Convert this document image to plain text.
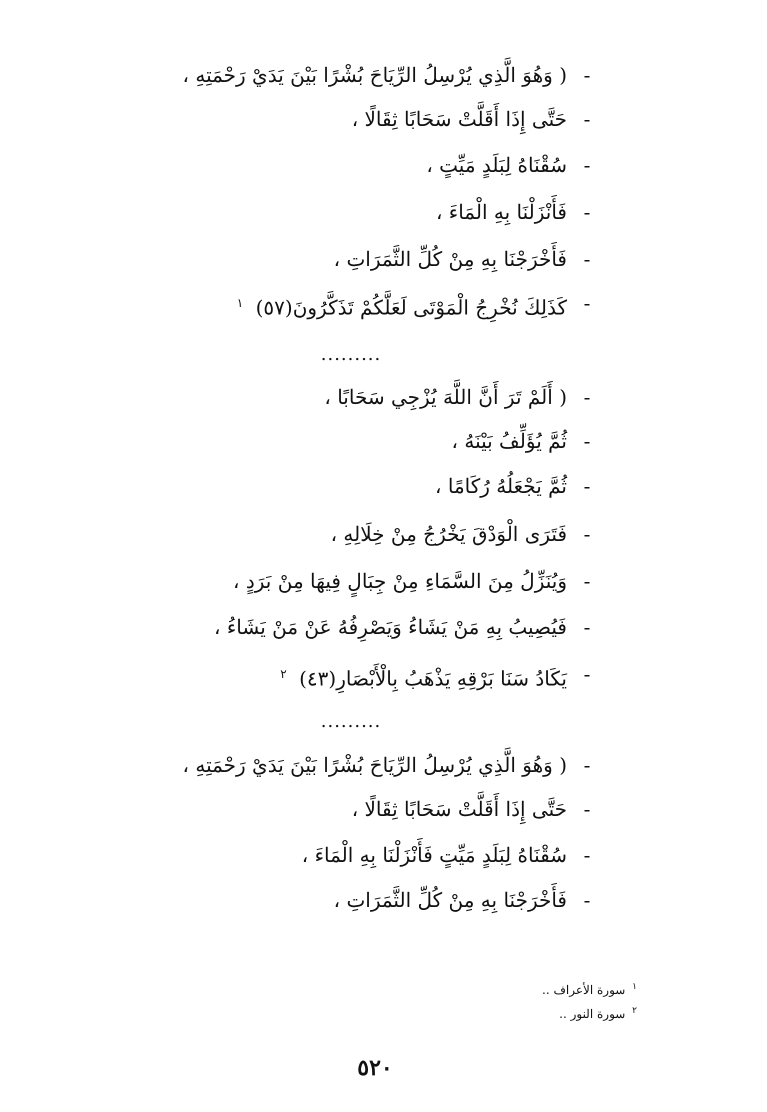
-
( وَهُوَ الَّذِي يُرْسِلُ الرِّيَاحَ بُشْرًا بَيْنَ يَدَيْ رَحْمَتِهِ ،
-
حَتَّى إِذَا أَقَلَّتْ سَحَابًا ثِقَالًا ،
-
سُقْنَاهُ لِبَلَدٍ مَيِّتٍ ،
-
فَأَنْزَلْنَا بِهِ الْمَاءَ ،
-
فَأَخْرَجْنَا بِهِ مِنْ كُلِّ الثَّمَرَاتِ ،
-
كَذَلِكَ نُخْرِجُ الْمَوْتَى لَعَلَّكُمْ تَذَكَّرُونَ(٥٧) $^١$
.........
-
( أَلَمْ تَرَ أَنَّ اللَّهَ يُزْجِي سَحَابًا ،
-
ثُمَّ يُؤَلِّفُ بَيْنَهُ ،
-
ثُمَّ يَجْعَلُهُ رُكَامًا ،
-
فَتَرَى الْوَدْقَ يَخْرُجُ مِنْ خِلَالِهِ ،
-
وَيُنَزِّلُ مِنَ السَّمَاءِ مِنْ جِبَالٍ فِيهَا مِنْ بَرَدٍ ،
-
فَيُصِيبُ بِهِ مَنْ يَشَاءُ وَيَصْرِفُهُ عَنْ مَنْ يَشَاءُ ،
-
يَكَادُ سَنَا بَرْقِهِ يَذْهَبُ بِالْأَبْصَارِ(٤٣) $^٢$
.........
-
( وَهُوَ الَّذِي يُرْسِلُ الرِّيَاحَ بُشْرًا بَيْنَ يَدَيْ رَحْمَتِهِ ،
-
حَتَّى إِذَا أَقَلَّتْ سَحَابًا ثِقَالًا ،
-
سُقْنَاهُ لِبَلَدٍ مَيِّتٍ فَأَنْزَلْنَا بِهِ الْمَاءَ ،
-
فَأَخْرَجْنَا بِهِ مِنْ كُلِّ الثَّمَرَاتِ ،
$^١$ سورة الأعراف ..
$^٢$ سورة النور ..
٥٢٠
